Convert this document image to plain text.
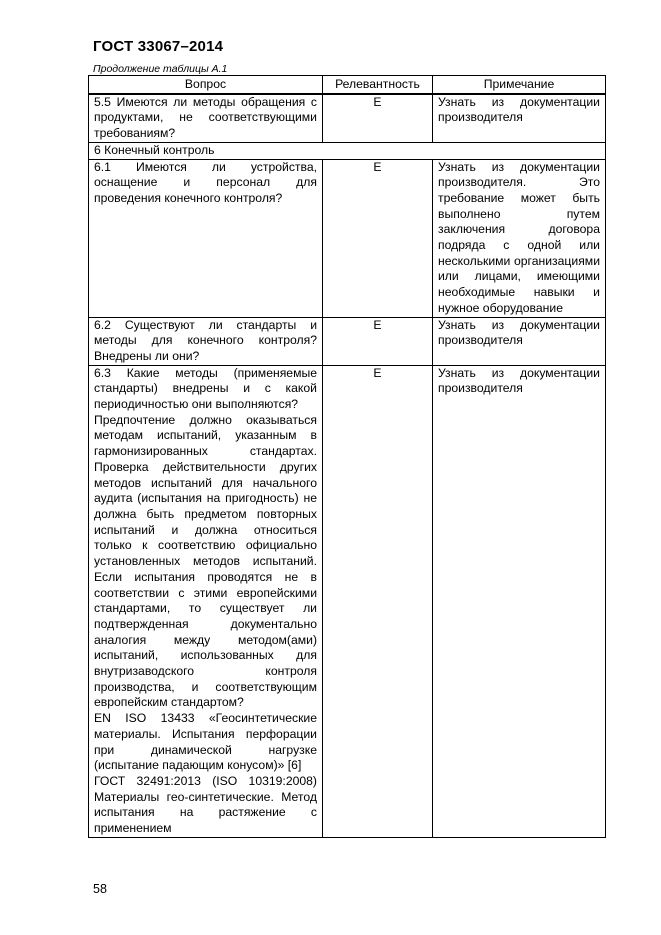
ГОСТ 33067–2014
Продолжение таблицы А.1
Вопрос	Релевантность	Примечание

5.5 Имеются ли методы обращения с продуктами, не соответствующими требованиям?	Е	Узнать из документации производителя
6 Конечный контроль		

6.1 Имеются ли устройства, оснащение и персонал для проведения конечного контроля?	Е	Узнать из документации производителя. Это требование может быть выполнено путем заключения договора подряда с одной или несколькими организациями или лицами, имеющими необходимые навыки и нужное оборудование

6.2 Существуют ли стандарты и методы для конечного контроля? Внедрены ли они?	Е	Узнать из документации производителя

6.3 Какие методы (применяемые стандарты) внедрены и с какой периодичностью они выполняются?
Предпочтение должно оказываться методам испытаний, указанным в гармонизированных стандартах. Проверка действительности других методов испытаний для начального аудита (испытания на пригодность) не должна быть предметом повторных испытаний и должна относиться только к соответствию официально установленных методов испытаний. Если испытания проводятся не в соответствии с этими европейскими стандартами, то существует ли подтвержденная документально аналогия между методом(ами) испытаний, использованных для внутризаводского контроля производства, и соответствующим европейским стандартом?
EN ISO 13433 «Геосинтетические материалы. Испытания перфорации при динамической нагрузке (испытание падающим конусом)» [6]
ГОСТ 32491:2013 (ISO 10319:2008) Материалы гео-синтетические. Метод испытания на растяжение с применением	Е	Узнать из документации производителя
58
